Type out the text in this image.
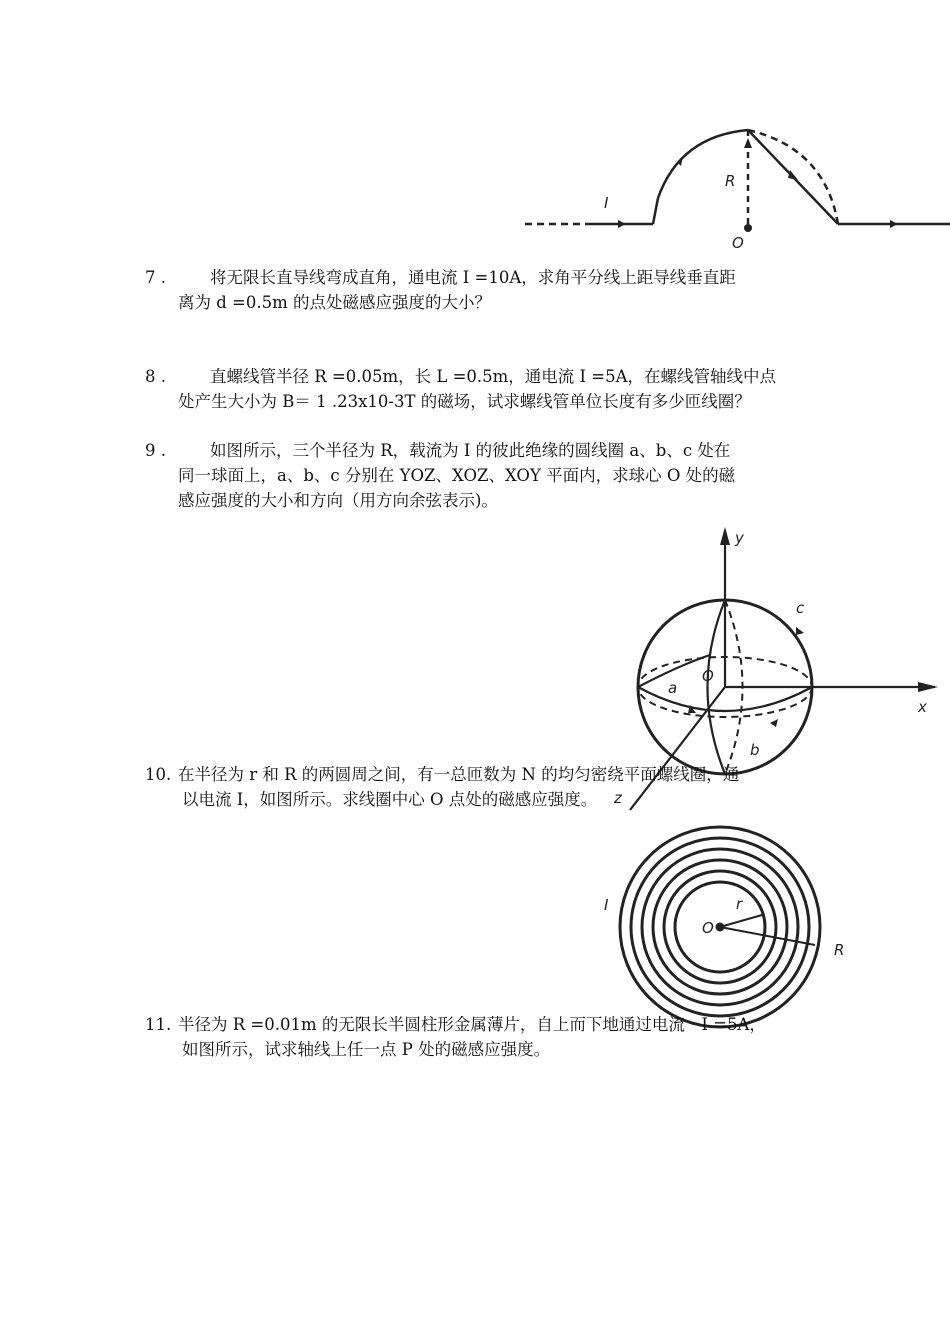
I
R
O
7 .	将无限长直导线弯成直角，通电流 I =10A，求角平分线上距导线垂直距
离为 d =0.5m 的点处磁感应强度的大小？
8 .	直螺线管半径 R =0.05m，长 L =0.5m，通电流 I =5A，在螺线管轴线中点
处产生大小为 B＝ 1 .23x10-3T 的磁场，试求螺线管单位长度有多少匝线圈？
9 .	如图所示，三个半径为 R，载流为 I 的彼此绝缘的圆线圈 a、b、c 处在
同一球面上，a、b、c 分别在 YOZ、XOZ、XOY 平面内，求球心 O 处的磁
感应强度的大小和方向（用方向余弦表示)。
O
a
b
c
y
x
z
10. 在半径为 r 和 R 的两圆周之间，有一总匝数为 N 的均匀密绕平面螺线圈，通
以电流 I，如图所示。求线圈中心 O 点处的磁感应强度。
O
r
R
I
11. 半径为 R =0.01m 的无限长半圆柱形金属薄片，自上而下地通过电流　I =5A，
如图所示，试求轴线上任一点 P 处的磁感应强度。
